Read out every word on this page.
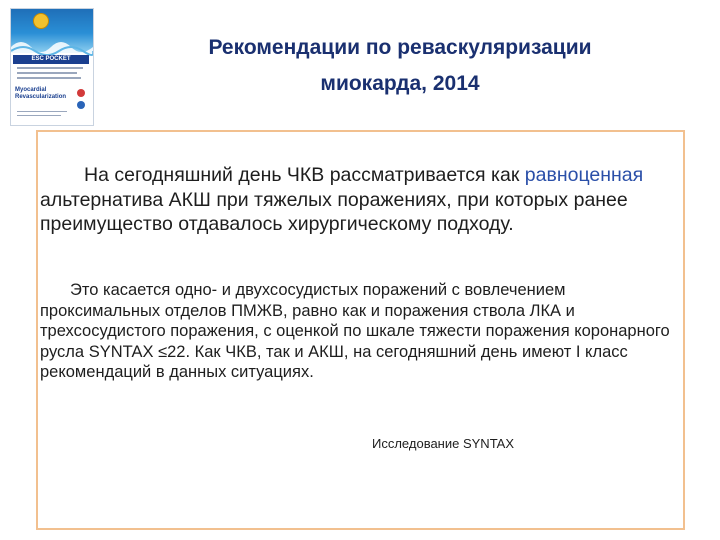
ESC POCKET
Myocardial Revascularization
Рекомендации по реваскуляризации
миокарда, 2014
На сегодняшний день ЧКВ рассматривается как равноценная альтернатива АКШ при тяжелых поражениях, при которых ранее преимущество отдавалось хирургическому подходу.
Это касается одно- и двухсосудистых поражений с вовлечением проксимальных отделов ПМЖВ, равно как и поражения ствола ЛКА и трехсосудистого поражения, с оценкой по шкале тяжести поражения коронарного русла SYNTAX ≤22. Как ЧКВ, так и АКШ, на сегодняшний день имеют I класс рекомендаций в данных ситуациях.
Исследование SYNTAX
